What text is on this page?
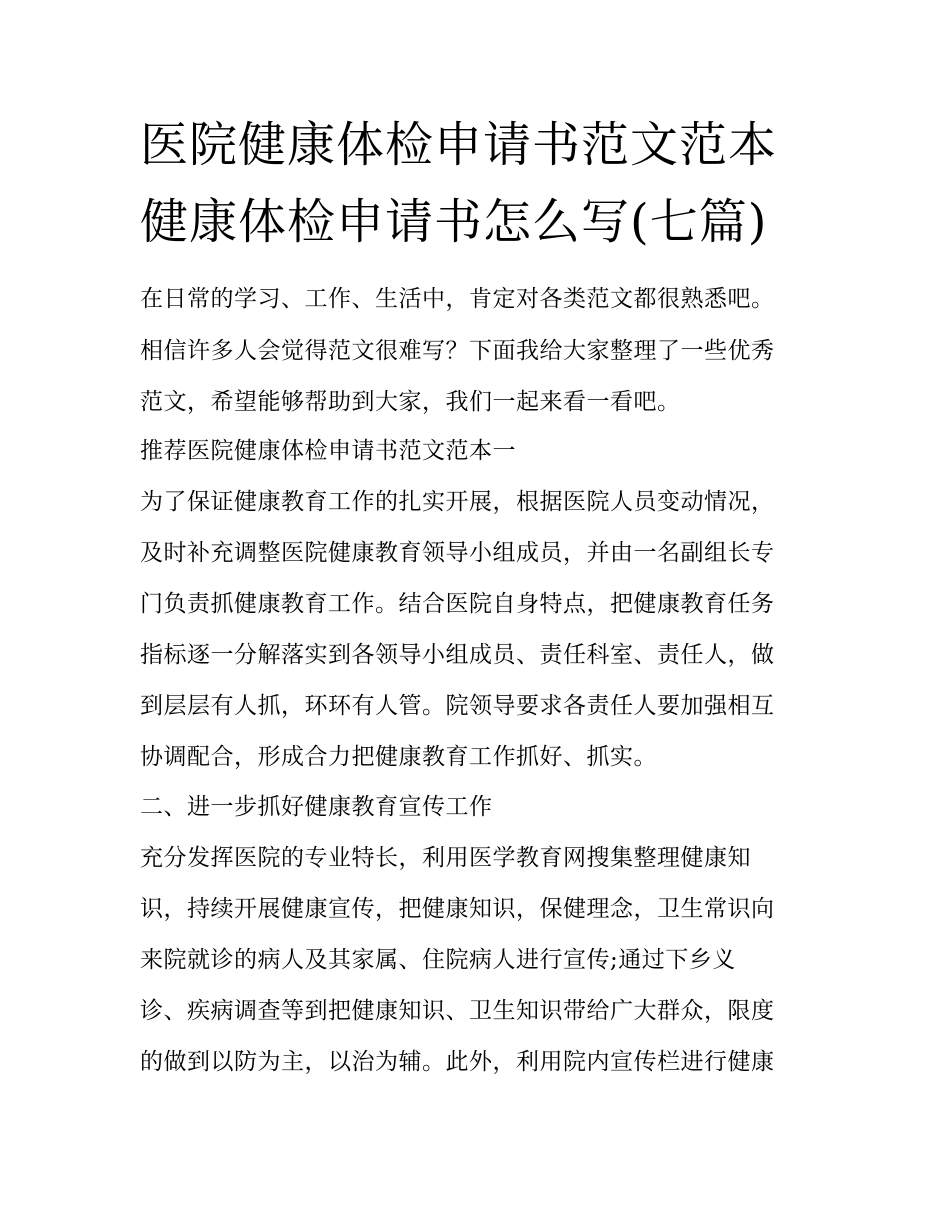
医院健康体检申请书范文范本
健康体检申请书怎么写(七篇)
在日常的学习、工作、生活中，肯定对各类范文都很熟悉吧。
相信许多人会觉得范文很难写？下面我给大家整理了一些优秀
范文，希望能够帮助到大家，我们一起来看一看吧。
推荐医院健康体检申请书范文范本一
为了保证健康教育工作的扎实开展，根据医院人员变动情况，
及时补充调整医院健康教育领导小组成员，并由一名副组长专
门负责抓健康教育工作。结合医院自身特点，把健康教育任务
指标逐一分解落实到各领导小组成员、责任科室、责任人，做
到层层有人抓，环环有人管。院领导要求各责任人要加强相互
协调配合，形成合力把健康教育工作抓好、抓实。
二、进一步抓好健康教育宣传工作
充分发挥医院的专业特长，利用医学教育网搜集整理健康知
识，持续开展健康宣传，把健康知识，保健理念，卫生常识向
来院就诊的病人及其家属、住院病人进行宣传;通过下乡义
诊、疾病调查等到把健康知识、卫生知识带给广大群众，限度
的做到以防为主，以治为辅。此外，利用院内宣传栏进行健康
